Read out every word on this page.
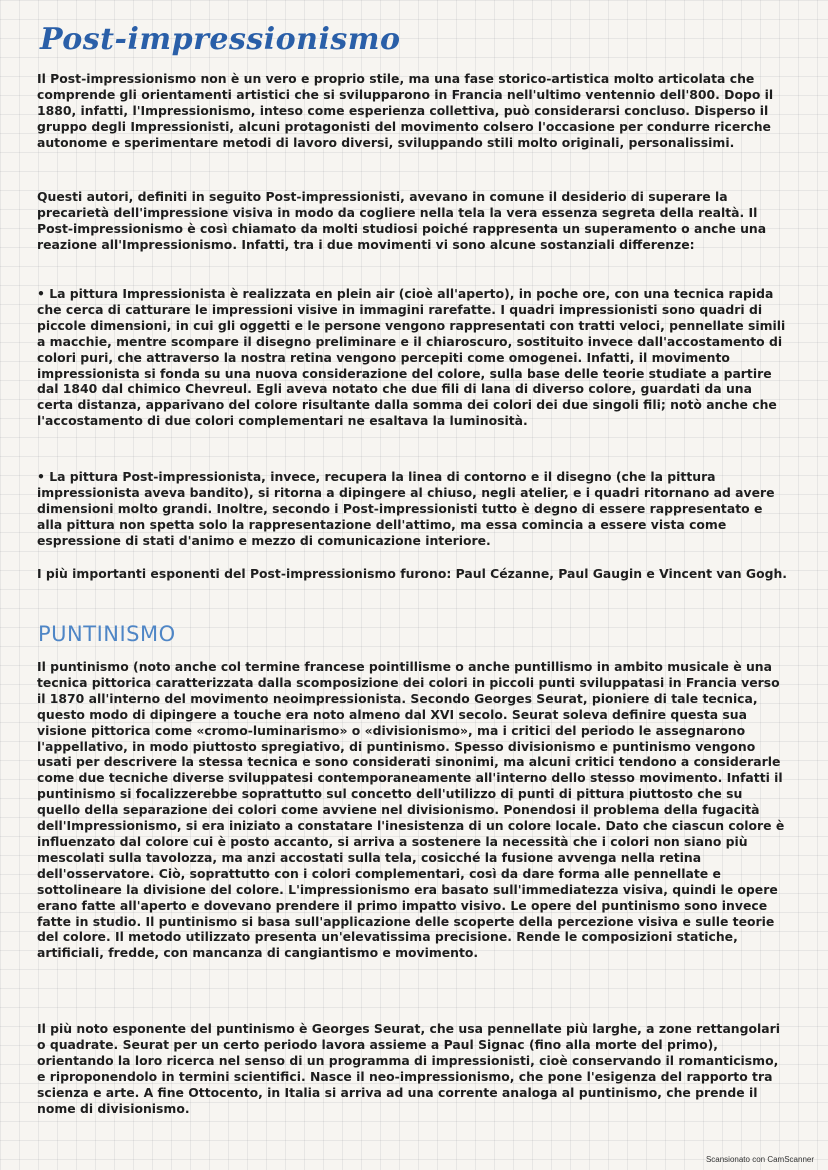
Post-impressionismo

Il Post-impressionismo non è un vero e proprio stile, ma una fase storico-artistica molto articolata che comprende gli orientamenti artistici che si svilupparono in Francia nell'ultimo ventennio dell'800. Dopo il 1880, infatti, l'Impressionismo, inteso come esperienza collettiva, può considerarsi concluso. Disperso il gruppo degli Impressionisti, alcuni protagonisti del movimento colsero l'occasione per condurre ricerche autonome e sperimentare metodi di lavoro diversi, sviluppando stili molto originali, personalissimi.

Questi autori, definiti in seguito Post-impressionisti, avevano in comune il desiderio di superare la precarietà dell'impressione visiva in modo da cogliere nella tela la vera essenza segreta della realtà. Il Post-impressionismo è così chiamato da molti studiosi poiché rappresenta un superamento o anche una reazione all'Impressionismo. Infatti, tra i due movimenti vi sono alcune sostanziali differenze:

• La pittura Impressionista è realizzata en plein air (cioè all'aperto), in poche ore, con una tecnica rapida che cerca di catturare le impressioni visive in immagini rarefatte. I quadri impressionisti sono quadri di piccole dimensioni, in cui gli oggetti e le persone vengono rappresentati con tratti veloci, pennellate simili a macchie, mentre scompare il disegno preliminare e il chiaroscuro, sostituito invece dall'accostamento di colori puri, che attraverso la nostra retina vengono percepiti come omogenei. Infatti, il movimento impressionista si fonda su una nuova considerazione del colore, sulla base delle teorie studiate a partire dal 1840 dal chimico Chevreul. Egli aveva notato che due fili di lana di diverso colore, guardati da una certa distanza, apparivano del colore risultante dalla somma dei colori dei due singoli fili; notò anche che l'accostamento di due colori complementari ne esaltava la luminosità.

• La pittura Post-impressionista, invece, recupera la linea di contorno e il disegno (che la pittura impressionista aveva bandito), si ritorna a dipingere al chiuso, negli atelier, e i quadri ritornano ad avere dimensioni molto grandi. Inoltre, secondo i Post-impressionisti tutto è degno di essere rappresentato e alla pittura non spetta solo la rappresentazione dell'attimo, ma essa comincia a essere vista come espressione di stati d'animo e mezzo di comunicazione interiore.

I più importanti esponenti del Post-impressionismo furono: Paul Cézanne, Paul Gaugin e Vincent van Gogh.

PUNTINISMO

Il puntinismo (noto anche col termine francese pointillisme o anche puntillismo in ambito musicale è una tecnica pittorica caratterizzata dalla scomposizione dei colori in piccoli punti sviluppatasi in Francia verso il 1870 all'interno del movimento neoimpressionista. Secondo Georges Seurat, pioniere di tale tecnica, questo modo di dipingere a touche era noto almeno dal XVI secolo. Seurat soleva definire questa sua visione pittorica come «cromo-luminarismo» o «divisionismo», ma i critici del periodo le assegnarono l'appellativo, in modo piuttosto spregiativo, di puntinismo. Spesso divisionismo e puntinismo vengono usati per descrivere la stessa tecnica e sono considerati sinonimi, ma alcuni critici tendono a considerarle come due tecniche diverse sviluppatesi contemporaneamente all'interno dello stesso movimento. Infatti il puntinismo si focalizzerebbe soprattutto sul concetto dell'utilizzo di punti di pittura piuttosto che su quello della separazione dei colori come avviene nel divisionismo. Ponendosi il problema della fugacità dell'Impressionismo, si era iniziato a constatare l'inesistenza di un colore locale. Dato che ciascun colore è influenzato dal colore cui è posto accanto, si arriva a sostenere la necessità che i colori non siano più mescolati sulla tavolozza, ma anzi accostati sulla tela, cosicché la fusione avvenga nella retina dell'osservatore. Ciò, soprattutto con i colori complementari, così da dare forma alle pennellate e sottolineare la divisione del colore. L'impressionismo era basato sull'immediatezza visiva, quindi le opere erano fatte all'aperto e dovevano prendere il primo impatto visivo. Le opere del puntinismo sono invece fatte in studio. Il puntinismo si basa sull'applicazione delle scoperte della percezione visiva e sulle teorie del colore. Il metodo utilizzato presenta un'elevatissima precisione. Rende le composizioni statiche, artificiali, fredde, con mancanza di cangiantismo e movimento.

Il più noto esponente del puntinismo è Georges Seurat, che usa pennellate più larghe, a zone rettangolari o quadrate. Seurat per un certo periodo lavora assieme a Paul Signac (fino alla morte del primo), orientando la loro ricerca nel senso di un programma di impressionisti, cioè conservando il romanticismo, e riproponendolo in termini scientifici. Nasce il neo-impressionismo, che pone l'esigenza del rapporto tra scienza e arte. A fine Ottocento, in Italia si arriva ad una corrente analoga al puntinismo, che prende il nome di divisionismo.

Scansionato con CamScanner
